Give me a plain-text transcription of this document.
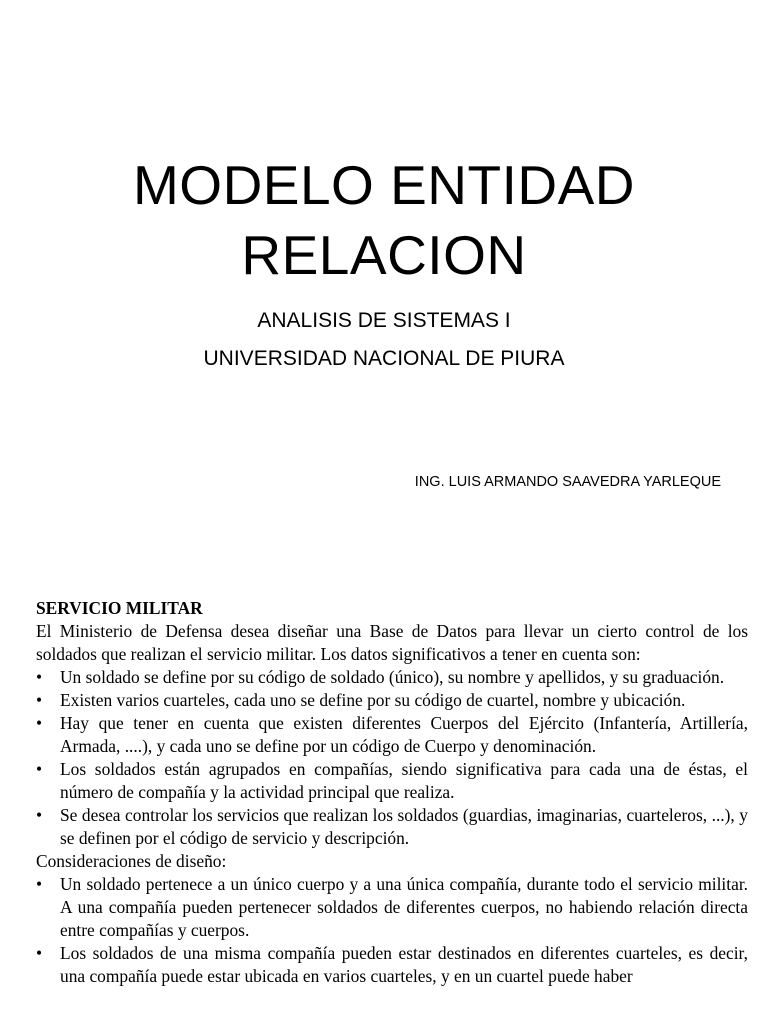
MODELO ENTIDAD
RELACION
ANALISIS DE SISTEMAS I
UNIVERSIDAD NACIONAL DE PIURA
ING. LUIS ARMANDO SAAVEDRA YARLEQUE

SERVICIO MILITAR

El Ministerio de Defensa desea diseñar una Base de Datos para llevar un cierto control de los soldados que realizan el servicio militar. Los datos significativos a tener en cuenta son:

• Un soldado se define por su código de soldado (único), su nombre y apellidos, y su graduación.
• Existen varios cuarteles, cada uno se define por su código de cuartel, nombre y ubicación.
• Hay que tener en cuenta que existen diferentes Cuerpos del Ejército (Infantería, Artillería, Armada, ....), y cada uno se define por un código de Cuerpo y denominación.
• Los soldados están agrupados en compañías, siendo significativa para cada una de éstas, el número de compañía y la actividad principal que realiza.
• Se desea controlar los servicios que realizan los soldados (guardias, imaginarias, cuarteleros, ...), y se definen por el código de servicio y descripción.

Consideraciones de diseño:

• Un soldado pertenece a un único cuerpo y a una única compañía, durante todo el servicio militar. A una compañía pueden pertenecer soldados de diferentes cuerpos, no habiendo relación directa entre compañías y cuerpos.
• Los soldados de una misma compañía pueden estar destinados en diferentes cuarteles, es decir, una compañía puede estar ubicada en varios cuarteles, y en un cuartel puede haber
